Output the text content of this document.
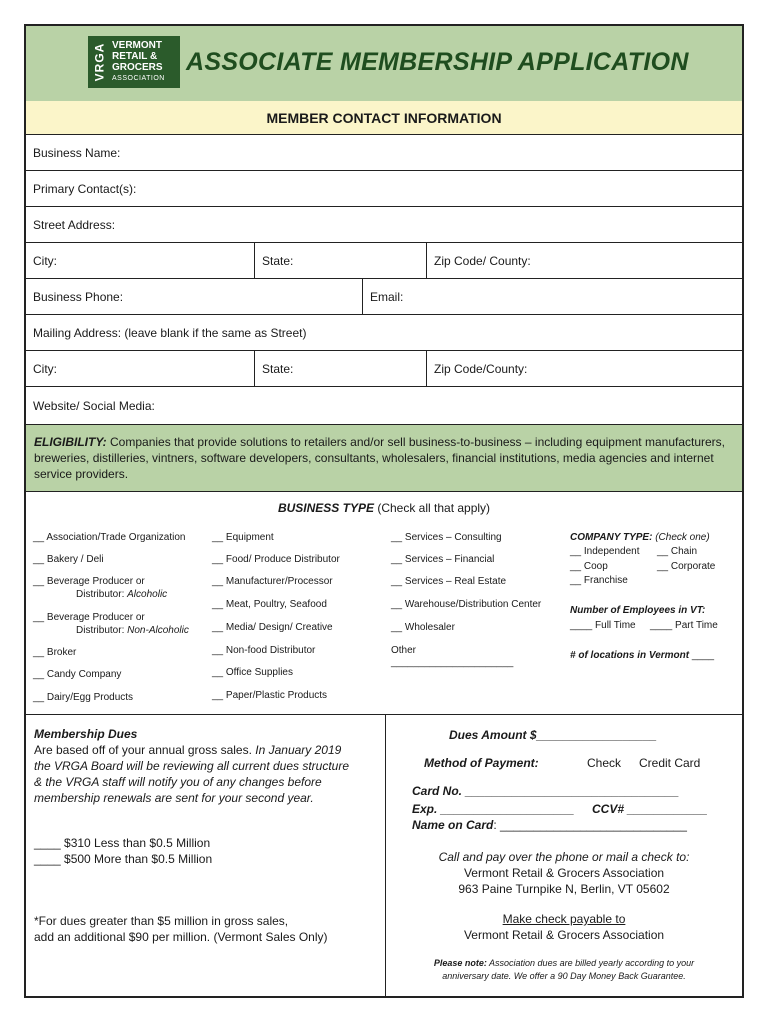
VRGA VERMONT
RETAIL &
GROCERS
ASSOCIATION
ASSOCIATE MEMBERSHIP APPLICATION
MEMBER CONTACT INFORMATION
Business Name:
Primary Contact(s):
Street Address:
City:	State:	Zip Code/ County:
Business Phone:	Email:
Mailing Address: (leave blank if the same as Street)
City:	State:	Zip Code/County:
Website/ Social Media:
ELIGIBILITY: Companies that provide solutions to retailers and/or sell business-to-business – including equipment manufacturers, breweries, distilleries, vintners, software developers, consultants, wholesalers, financial institutions, media agencies and internet service providers.
BUSINESS TYPE (Check all that apply)
__ Association/Trade Organization
__ Bakery / Deli
__ Beverage Producer or
Distributor: Alcoholic
__ Beverage Producer or
Distributor: Non-Alcoholic
__ Broker
__ Candy Company
__ Dairy/Egg Products
__ Equipment
__ Food/ Produce Distributor
__ Manufacturer/Processor
__ Meat, Poultry, Seafood
__ Media/ Design/ Creative
__ Non-food Distributor
__ Office Supplies
__ Paper/Plastic Products
__ Services – Consulting
__ Services – Financial
__ Services – Real Estate
__ Warehouse/Distribution Center
__ Wholesaler
Other
______________________
COMPANY TYPE: (Check one)
__ Independent __ Chain
__ Coop	__ Corporate
__ Franchise
Number of Employees in VT:
____ Full Time ____ Part Time
# of locations in Vermont ____
Membership Dues
Are based off of your annual gross sales. In January 2019
the VRGA Board will be reviewing all current dues structure
& the VRGA staff will notify you of any changes before
membership renewals are sent for your second year.
____ $310 Less than $0.5 Million
____ $500 More than $0.5 Million
*For dues greater than $5 million in gross sales,
add an additional $90 per million. (Vermont Sales Only)
Dues Amount $__________________
Method of Payment:	Check Credit Card
Card No. ________________________________
Exp. ____________________ CCV# ____________
Name on Card: ____________________________
Call and pay over the phone or mail a check to:
Vermont Retail & Grocers Association
963 Paine Turnpike N, Berlin, VT 05602
Make check payable to
Vermont Retail & Grocers Association
Please note: Association dues are billed yearly according to your
anniversary date. We offer a 90 Day Money Back Guarantee.
